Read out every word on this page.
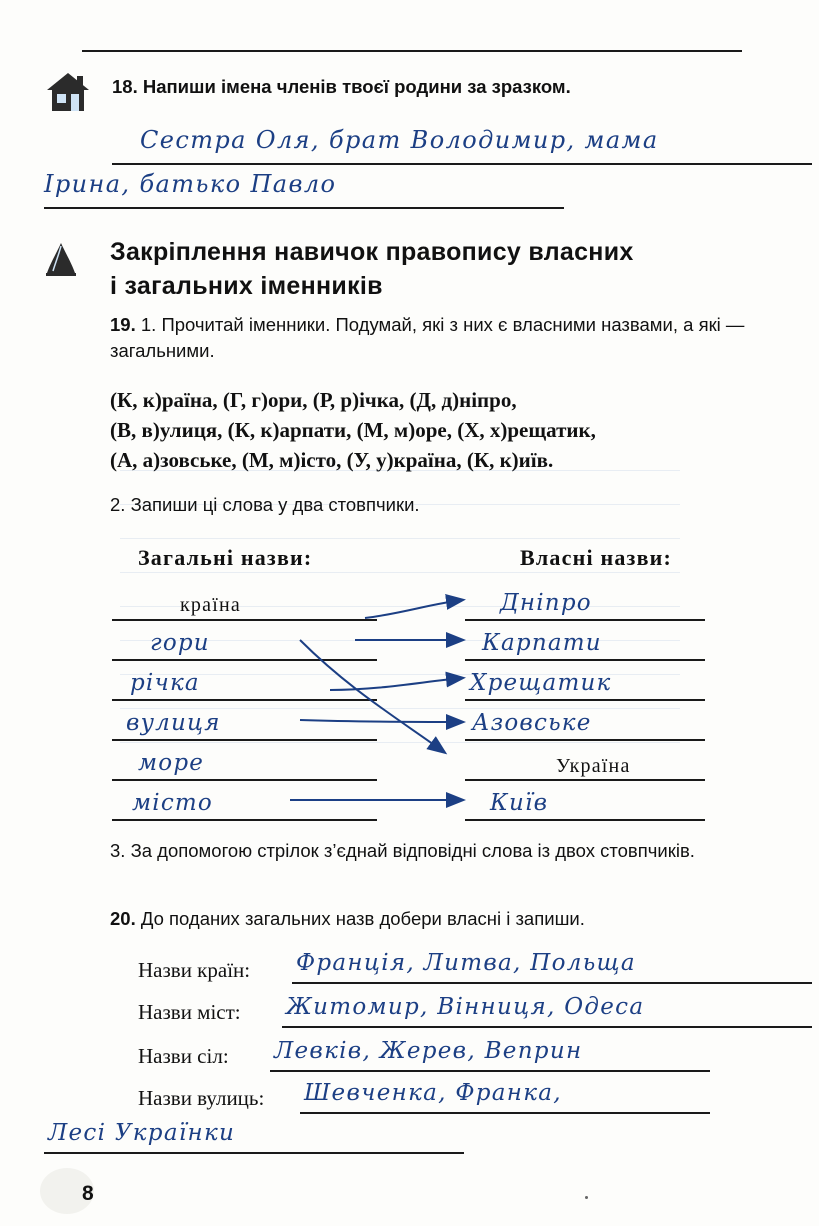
18. Напиши імена членів твоєї родини за зразком.
Сестра Оля, брат Володимир, мама
Ірина, батько Павло
Закріплення навичок правопису власних
і загальних іменників
19. 1. Прочитай іменники. Подумай, які з них є власними назвами, а які — загальними.
(К, к)раїна, (Г, г)ори, (Р, р)ічка, (Д, д)ніпро,
(В, в)улиця, (К, к)арпати, (М, м)оре, (Х, х)рещатик,
(А, а)зовське, (М, м)істо, (У, у)країна, (К, к)иїв.
2. Запиши ці слова у два стовпчики.
Загальні назви:	Власні назви:
країна
гори
річка
вулиця
море
місто
Дніпро
Карпати
Хрещатик
Азовське
Україна
Київ
3. За допомогою стрілок з’єднай відповідні слова із двох стовпчиків.
20. До поданих загальних назв добери власні і запиши.
Назви країн: Франція, Литва, Польща
Назви міст: Житомир, Вінниця, Одеса
Назви сіл: Левків, Жерев, Веприн
Назви вулиць: Шевченка, Франка,
Лесі Українки
8
